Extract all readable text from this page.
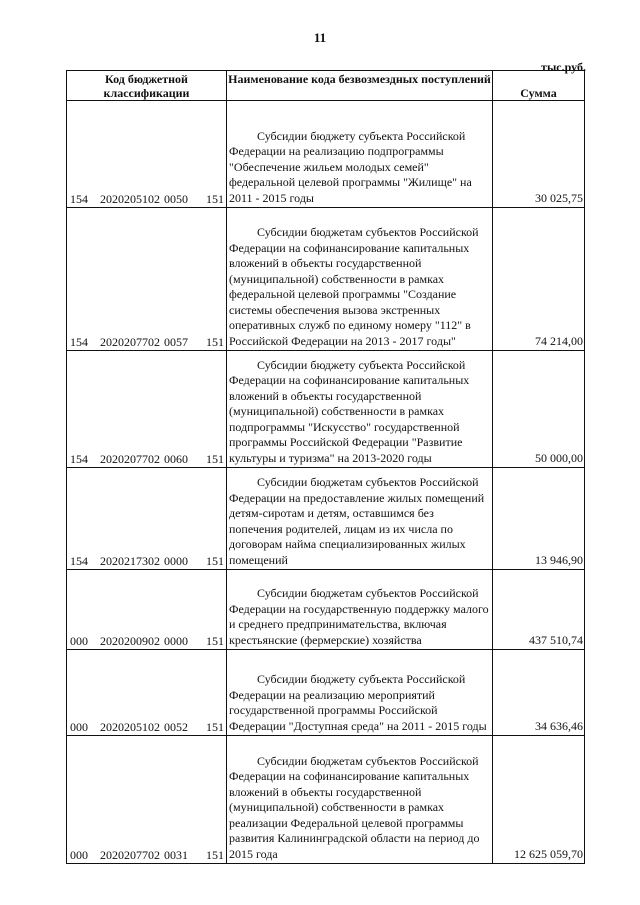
11
тыс.руб.
Код бюджетной классификации	Наименование кода безвозмездных поступлений	Сумма
154 2020205102 0050 151	Субсидии бюджету субъекта Российской Федерации на реализацию подпрограммы "Обеспечение жильем молодых семей" федеральной целевой программы "Жилище" на 2011 - 2015 годы	30 025,75
154 2020207702 0057 151	Субсидии бюджетам субъектов Российской Федерации на софинансирование капитальных вложений в объекты государственной (муниципальной) собственности в рамках федеральной целевой программы "Создание системы обеспечения вызова экстренных оперативных служб по единому номеру "112" в Российской Федерации на 2013 - 2017 годы"	74 214,00
154 2020207702 0060 151	Субсидии бюджету субъекта Российской Федерации на софинансирование капитальных вложений в объекты государственной (муниципальной) собственности в рамках подпрограммы "Искусство" государственной программы Российской Федерации "Развитие культуры и туризма" на 2013-2020 годы	50 000,00
154 2020217302 0000 151	Субсидии бюджетам субъектов Российской Федерации на предоставление жилых помещений детям-сиротам и детям, оставшимся без попечения родителей, лицам из их числа по договорам найма специализированных жилых помещений	13 946,90
000 2020200902 0000 151	Субсидии бюджетам субъектов Российской Федерации на государственную поддержку малого и среднего предпринимательства, включая крестьянские (фермерские) хозяйства	437 510,74
000 2020205102 0052 151	Субсидии бюджету субъекта Российской Федерации на реализацию мероприятий государственной программы Российской Федерации "Доступная среда" на 2011 - 2015 годы	34 636,46
000 2020207702 0031 151	Субсидии бюджетам субъектов Российской Федерации на софинансирование капитальных вложений в объекты государственной (муниципальной) собственности в рамках реализации Федеральной целевой программы развития Калининградской области на период до 2015 года	12 625 059,70
